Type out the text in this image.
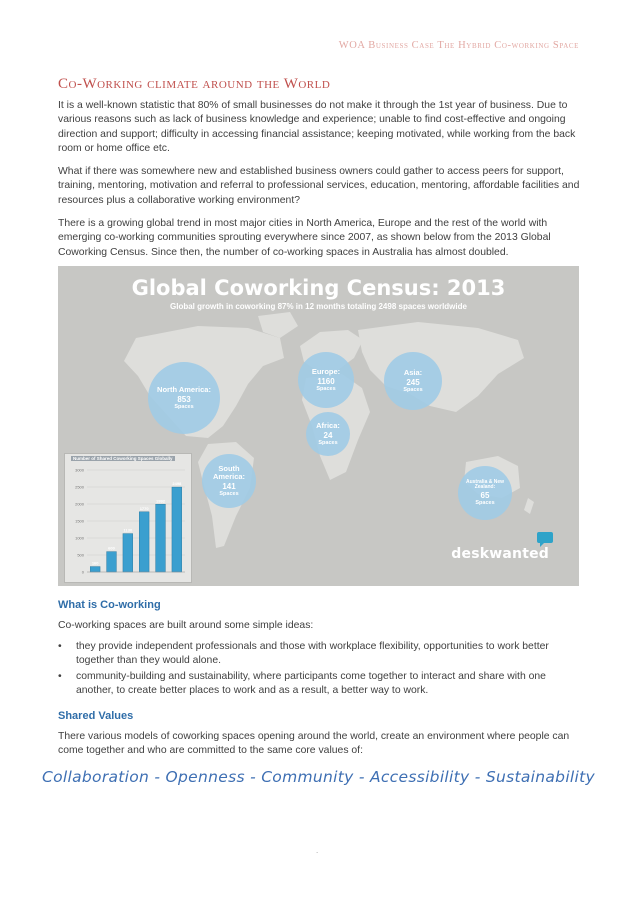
WOA Business Case The Hybrid Co-working Space
Co-Working climate around the World

It is a well-known statistic that 80% of small businesses do not make it through the 1st year of business. Due to various reasons such as lack of business knowledge and experience; unable to find cost-effective and ongoing direction and support; difficulty in accessing financial assistance; keeping motivated, while working from the back room or home office etc.

What if there was somewhere new and established business owners could gather to access peers for support, training, mentoring, motivation and referral to professional services, education, mentoring, affordable facilities and resources plus a collaborative working environment?

There is a growing global trend in most major cities in North America, Europe and the rest of the world with emerging co-working communities sprouting everywhere since 2007, as shown below from the 2013 Global Coworking Census. Since then, the number of co-working spaces in Australia has almost doubled.

Global Coworking Census: 2013
Global growth in coworking 87% in 12 months totaling 2498 spaces worldwide
North America:
853
Spaces
Europe:
1160
Spaces
Asia:
245
Spaces
Africa:
24
Spaces
South America:
141
Spaces
Australia & New Zealand:
65
Spaces
Number of Shared Coworking Spaces Globally
0
500
1000
1500
2000
2500
3000
160
600
1130
1770
1992
2498
deskwanted
What is Co-working

Co-working spaces are built around some simple ideas:

• they provide independent professionals and those with workplace flexibility, opportunities to work better together than they would alone.
• community-building and sustainability, where participants come together to interact and share with one another, to create better places to work and as a result, a better way to work.
Shared Values

There various models of coworking spaces opening around the world, create an environment where people can come together and who are committed to the same core values of:

Collaboration - Openness - Community - Accessibility - Sustainability
.
